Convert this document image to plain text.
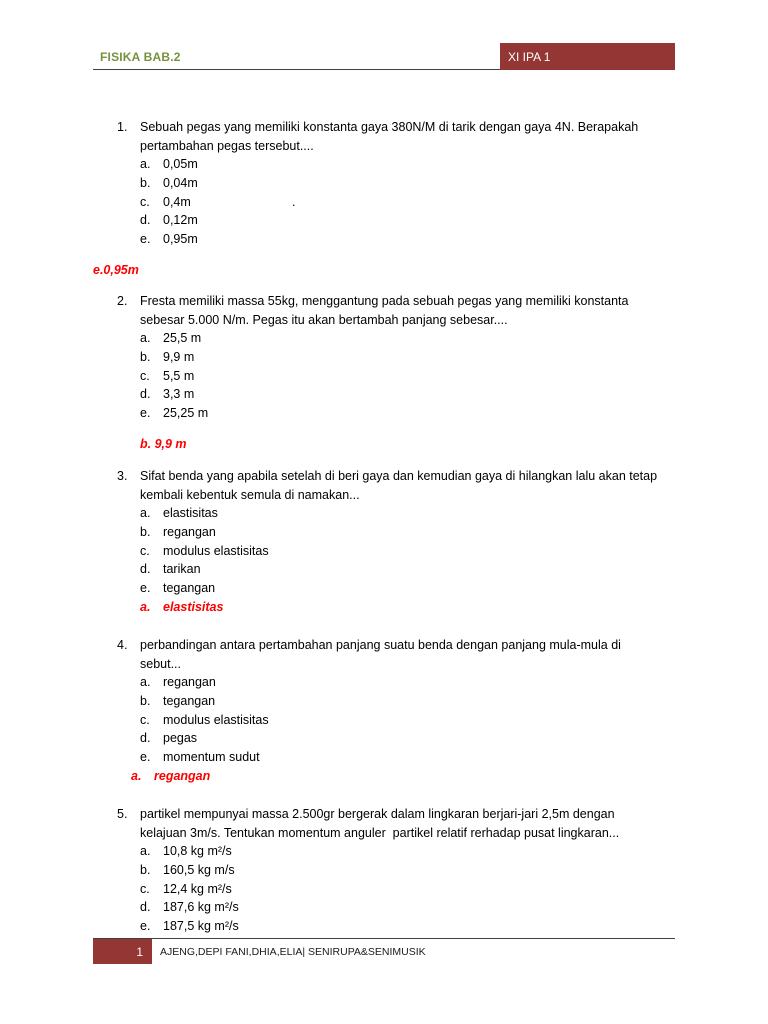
FISIKA BAB.2	XI IPA 1
1. Sebuah pegas yang memiliki konstanta gaya 380N/M di tarik dengan gaya 4N. Berapakah
pertambahan pegas tersebut....
a. 0,05m
b. 0,04m
c. 0,4m	.
d. 0,12m
e. 0,95m
e.0,95m
2. Fresta memiliki massa 55kg, menggantung pada sebuah pegas yang memiliki konstanta
sebesar 5.000 N/m. Pegas itu akan bertambah panjang sebesar....
a. 25,5 m
b. 9,9 m
c. 5,5 m
d. 3,3 m
e. 25,25 m
b. 9,9 m
3. Sifat benda yang apabila setelah di beri gaya dan kemudian gaya di hilangkan lalu akan tetap
kembali kebentuk semula di namakan...
a. elastisitas
b. regangan
c. modulus elastisitas
d. tarikan
e. tegangan
a. elastisitas
4. perbandingan antara pertambahan panjang suatu benda dengan panjang mula-mula di
sebut...
a. regangan
b. tegangan
c. modulus elastisitas
d. pegas
e. momentum sudut
a. regangan
5. partikel mempunyai massa 2.500gr bergerak dalam lingkaran berjari-jari 2,5m dengan
kelajuan 3m/s. Tentukan momentum anguler  partikel relatif rerhadap pusat lingkaran...
a. 10,8 kg m²/s
b. 160,5 kg m/s
c. 12,4 kg m²/s
d. 187,6 kg m²/s
e. 187,5 kg m²/s
1 AJENG,DEPI FANI,DHIA,ELIA| SENIRUPA&SENIMUSIK
